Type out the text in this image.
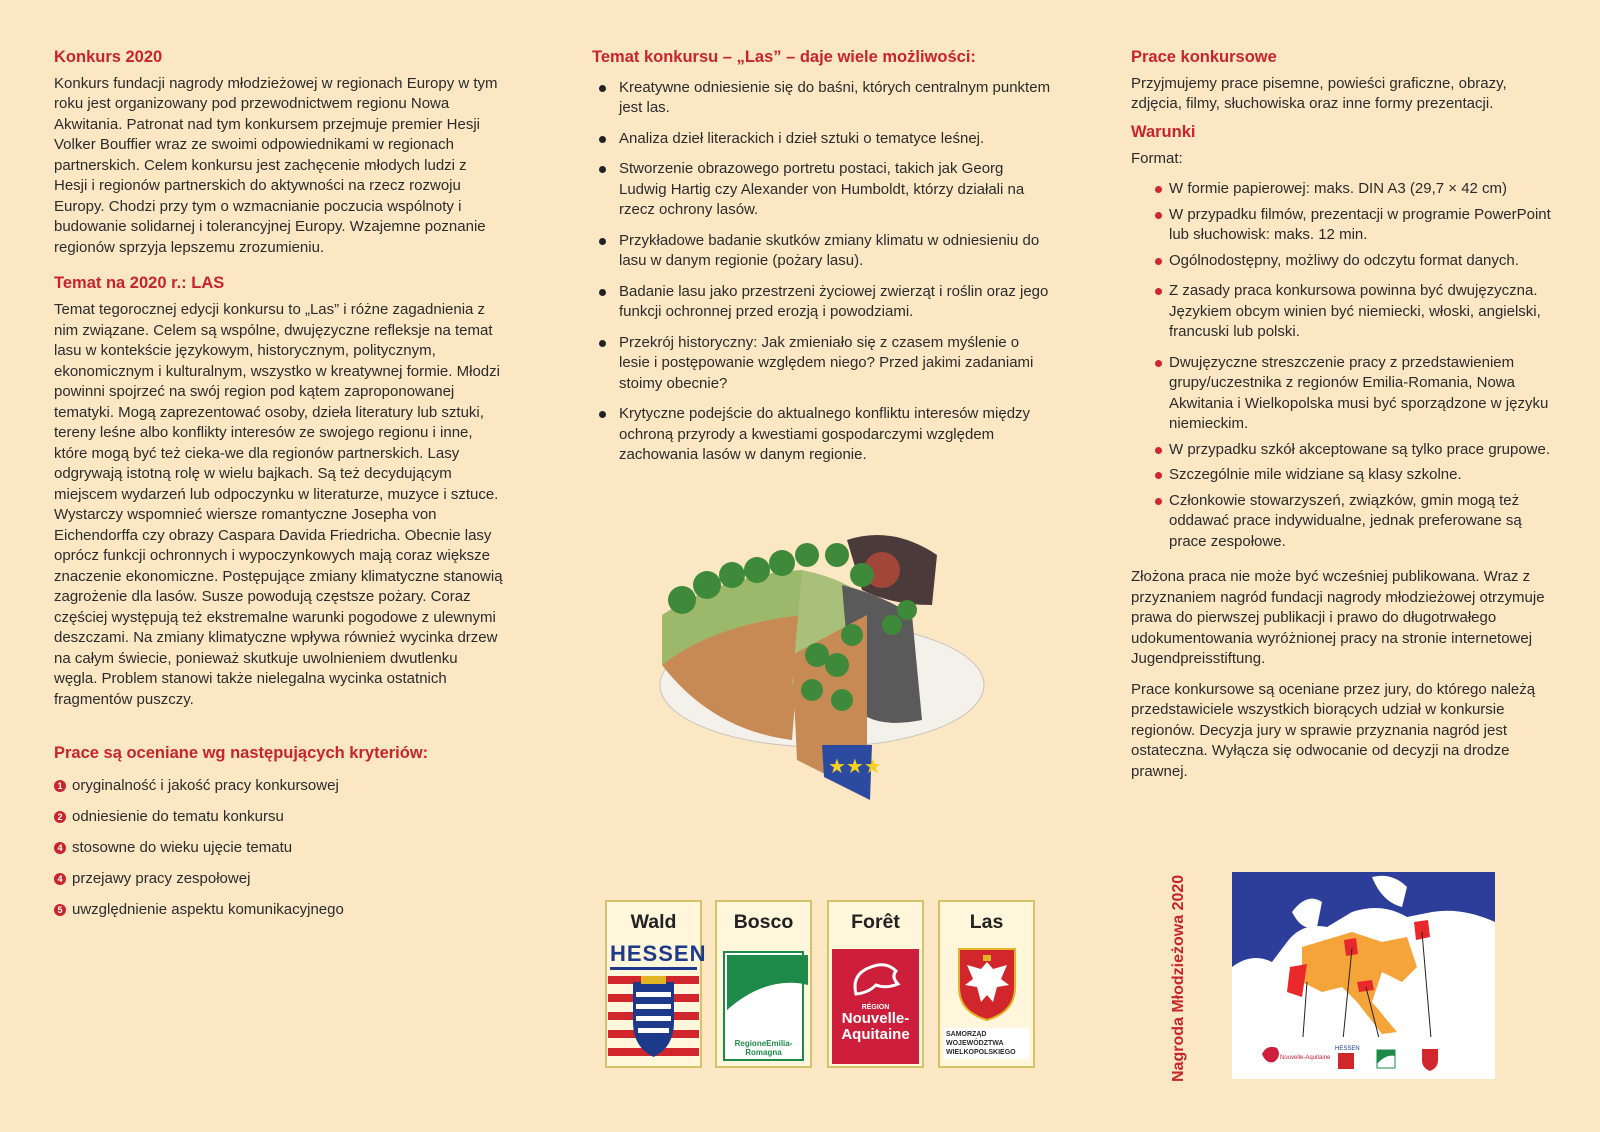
Konkurs 2020

Konkurs fundacji nagrody młodzieżowej w regionach Europy w tym roku jest organizowany pod przewodnictwem regionu Nowa Akwitania. Patronat nad tym konkursem przejmuje premier Hesji Volker Bouffier wraz ze swoimi odpowiednikami w regionach partnerskich. Celem konkursu jest zachęcenie młodych ludzi z Hesji i regionów partnerskich do aktywności na rzecz rozwoju Europy. Chodzi przy tym o wzmacnianie poczucia wspólnoty i budowanie solidarnej i tolerancyjnej Europy. Wzajemne poznanie regionów sprzyja lepszemu zrozumieniu.

Temat na 2020 r.: LAS

Temat tegorocznej edycji konkursu to „Las” i różne zagadnienia z nim związane. Celem są wspólne, dwujęzyczne refleksje na temat lasu w kontekście językowym, historycznym, politycznym, ekonomicznym i kulturalnym, wszystko w kreatywnej formie. Młodzi powinni spojrzeć na swój region pod kątem zaproponowanej tematyki. Mogą zaprezentować osoby, dzieła literatury lub sztuki, tereny leśne albo konflikty interesów ze swojego regionu i inne, które mogą być też cieka-we dla regionów partnerskich. Lasy odgrywają istotną rolę w wielu bajkach. Są też decydującym miejscem wydarzeń lub odpoczynku w literaturze, muzyce i sztuce. Wystarczy wspomnieć wiersze romantyczne Josepha von Eichendorffa czy obrazy Caspara Davida Friedricha. Obecnie lasy oprócz funkcji ochronnych i wypoczynkowych mają coraz większe znaczenie ekonomiczne. Postępujące zmiany klimatyczne stanowią zagrożenie dla lasów. Susze powodują częstsze pożary. Coraz częściej występują też ekstremalne warunki pogodowe z ulewnymi deszczami. Na zmiany klimatyczne wpływa również wycinka drzew na całym świecie, ponieważ skutkuje uwolnieniem dwutlenku węgla. Problem stanowi także nielegalna wycinka ostatnich fragmentów puszczy.

Prace są oceniane wg następujących kryteriów:
1 oryginalność i jakość pracy konkursowej
2 odniesienie do tematu konkursu
4 stosowne do wieku ujęcie tematu
4 przejawy pracy zespołowej
5 uwzględnienie aspektu komunikacyjnego
Temat konkursu – „Las” – daje wiele możliwości:
Kreatywne odniesienie się do baśni, których centralnym punktem jest las.
Analiza dzieł literackich i dzieł sztuki o tematyce leśnej.
Stworzenie obrazowego portretu postaci, takich jak Georg Ludwig Hartig czy Alexander von Humboldt, którzy działali na rzecz ochrony lasów.
Przykładowe badanie skutków zmiany klimatu w odniesieniu do lasu w danym regionie (pożary lasu).
Badanie lasu jako przestrzeni życiowej zwierząt i roślin oraz jego funkcji ochronnej przed erozją i powodziami.
Przekrój historyczny: Jak zmieniało się z czasem myślenie o lesie i postępowanie względem niego? Przed jakimi zadaniami stoimy obecnie?
Krytyczne podejście do aktualnego konfliktu interesów między ochroną przyrody a kwestiami gospodarczymi względem zachowania lasów w danym regionie.
★★★
Wald
HESSEN
Bosco
RegioneEmilia-Romagna
Forêt
RÉGION
Nouvelle-
Aquitaine
Las
SAMORZĄD WOJEWÓDZTWA
WIELKOPOLSKIEGO
Prace konkursowe

Przyjmujemy prace pisemne, powieści graficzne, obrazy, zdjęcia, filmy, słuchowiska oraz inne formy prezentacji.

Warunki

Format:

W formie papierowej: maks. DIN A3 (29,7 × 42 cm)
W przypadku filmów, prezentacji w programie PowerPoint lub słuchowisk: maks. 12 min.
Ogólnodostępny, możliwy do odczytu format danych.
Z zasady praca konkursowa powinna być dwujęzyczna. Językiem obcym winien być niemiecki, włoski, angielski, francuski lub polski.
Dwujęzyczne streszczenie pracy z przedstawieniem grupy/uczestnika z regionów Emilia-Romania, Nowa Akwitania i Wielkopolska musi być sporządzone w języku niemieckim.
W przypadku szkół akceptowane są tylko prace grupowe.
Szczególnie mile widziane są klasy szkolne.
Członkowie stowarzyszeń, związków, gmin mogą też oddawać prace indywidualne, jednak preferowane są prace zespołowe.

Złożona praca nie może być wcześniej publikowana. Wraz z przyznaniem nagród fundacji nagrody młodzieżowej otrzymuje prawa do pierwszej publikacji i prawo do długotrwałego udokumentowania wyróżnionej pracy na stronie internetowej Jugendpreisstiftung.

Prace konkursowe są oceniane przez jury, do którego należą przedstawiciele wszystkich biorących udział w konkursie regionów. Decyzja jury w sprawie przyznania nagród jest ostateczna. Wyłącza się odwocanie od decyzji na drodze prawnej.

Nagroda Młodzieżowa 2020	Nouvelle-Aquitaine
HESSEN
